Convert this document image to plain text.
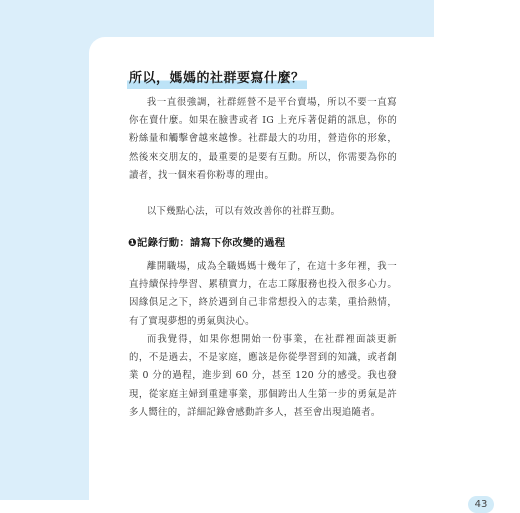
所以，媽媽的社群要寫什麼？

我一直很強調，社群經營不是平台賣場，所以不要一直寫你在賣什麼。如果在臉書或者 IG 上充斥著促銷的訊息，你的粉絲量和觸擊會越來越慘。社群最大的功用，營造你的形象，然後來交朋友的，最重要的是要有互動。所以，你需要為你的讀者，找一個來看你粉專的理由。

以下幾點心法，可以有效改善你的社群互動。

❶記錄行動：請寫下你改變的過程

離開職場，成為全職媽媽十幾年了，在這十多年裡，我一直持續保持學習、累積實力，在志工隊服務也投入很多心力。因緣俱足之下，終於遇到自己非常想投入的志業，重拾熱情，有了實現夢想的勇氣與決心。

而我覺得，如果你想開始一份事業，在社群裡面談更新的，不是過去，不是家庭，應該是你從學習到的知識，或者創業 0 分的過程，進步到 60 分，甚至 120 分的感受。我也發現，從家庭主婦到重建事業，那個跨出人生第一步的勇氣是許多人嚮往的，詳細記錄會感動許多人，甚至會出現追隨者。

43
